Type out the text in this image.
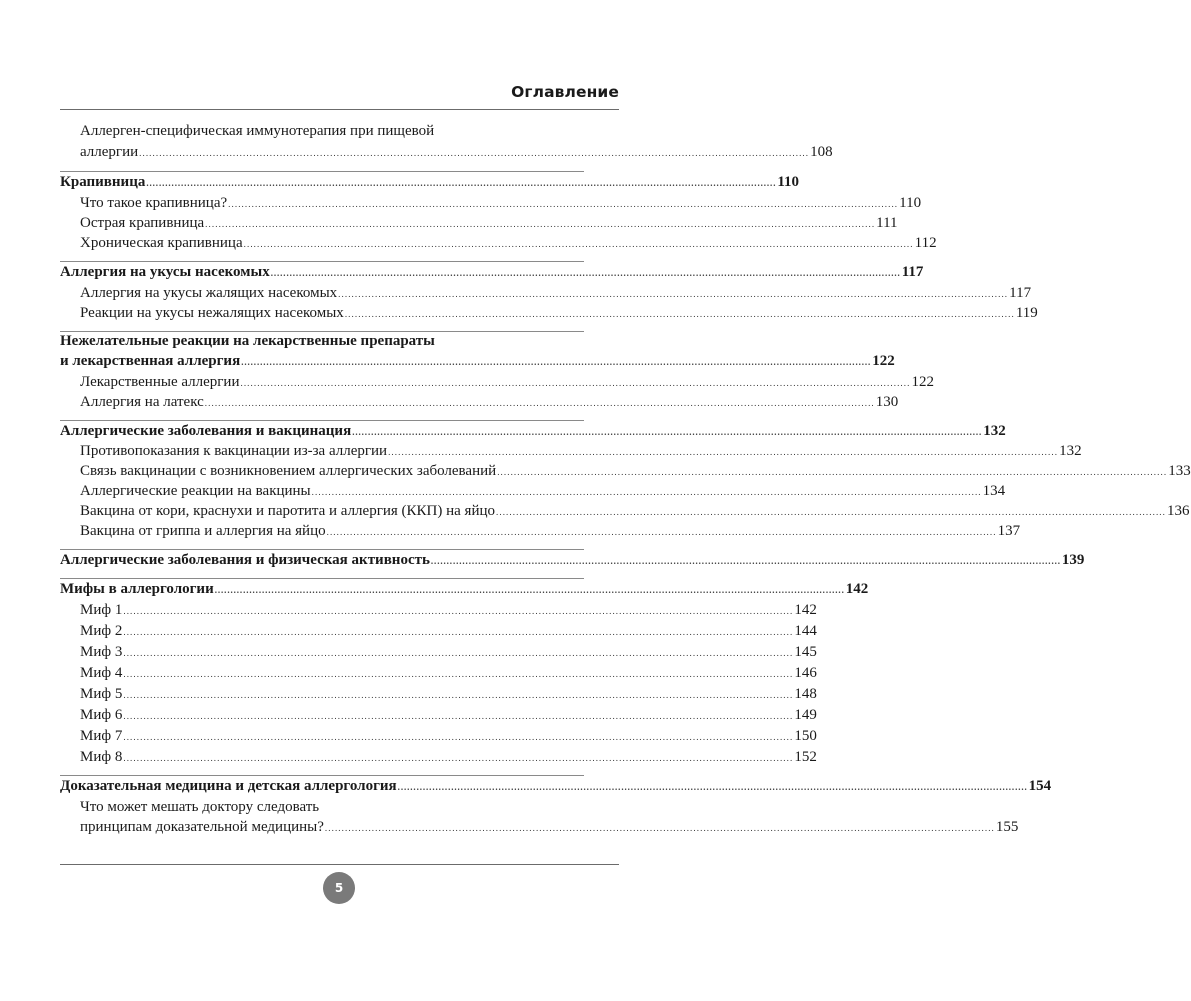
Оглавление
Аллерген-специфическая иммунотерапия при пищевой
аллергии ........................................................................................................................................................................................................ 108
Крапивница ........................................................................................................................................................................................................ 110
Что такое крапивница? ........................................................................................................................................................................................................ 110
Острая крапивница ........................................................................................................................................................................................................ 111
Хроническая крапивница ........................................................................................................................................................................................................ 112
Аллергия на укусы насекомых ........................................................................................................................................................................................................ 117
Аллергия на укусы жалящих насекомых ........................................................................................................................................................................................................ 117
Реакции на укусы нежалящих насекомых ........................................................................................................................................................................................................ 119
Нежелательные реакции на лекарственные препараты
и лекарственная аллергия ........................................................................................................................................................................................................ 122
Лекарственные аллергии ........................................................................................................................................................................................................ 122
Аллергия на латекс ........................................................................................................................................................................................................ 130
Аллергические заболевания и вакцинация ........................................................................................................................................................................................................ 132
Противопоказания к вакцинации из-за аллергии ........................................................................................................................................................................................................ 132
Связь вакцинации с возникновением аллергических заболеваний ........................................................................................................................................................................................................ 133
Аллергические реакции на вакцины ........................................................................................................................................................................................................ 134
Вакцина от кори, краснухи и паротита и аллергия (ККП) на яйцо ........................................................................................................................................................................................................ 136
Вакцина от гриппа и аллергия на яйцо ........................................................................................................................................................................................................ 137
Аллергические заболевания и физическая активность ........................................................................................................................................................................................................ 139
Мифы в аллергологии ........................................................................................................................................................................................................ 142
Миф 1 ........................................................................................................................................................................................................ 142
Миф 2 ........................................................................................................................................................................................................ 144
Миф 3 ........................................................................................................................................................................................................ 145
Миф 4 ........................................................................................................................................................................................................ 146
Миф 5 ........................................................................................................................................................................................................ 148
Миф 6 ........................................................................................................................................................................................................ 149
Миф 7 ........................................................................................................................................................................................................ 150
Миф 8 ........................................................................................................................................................................................................ 152
Доказательная медицина и детская аллергология ........................................................................................................................................................................................................ 154
Что может мешать доктору следовать
принципам доказательной медицины? ........................................................................................................................................................................................................ 155
5
